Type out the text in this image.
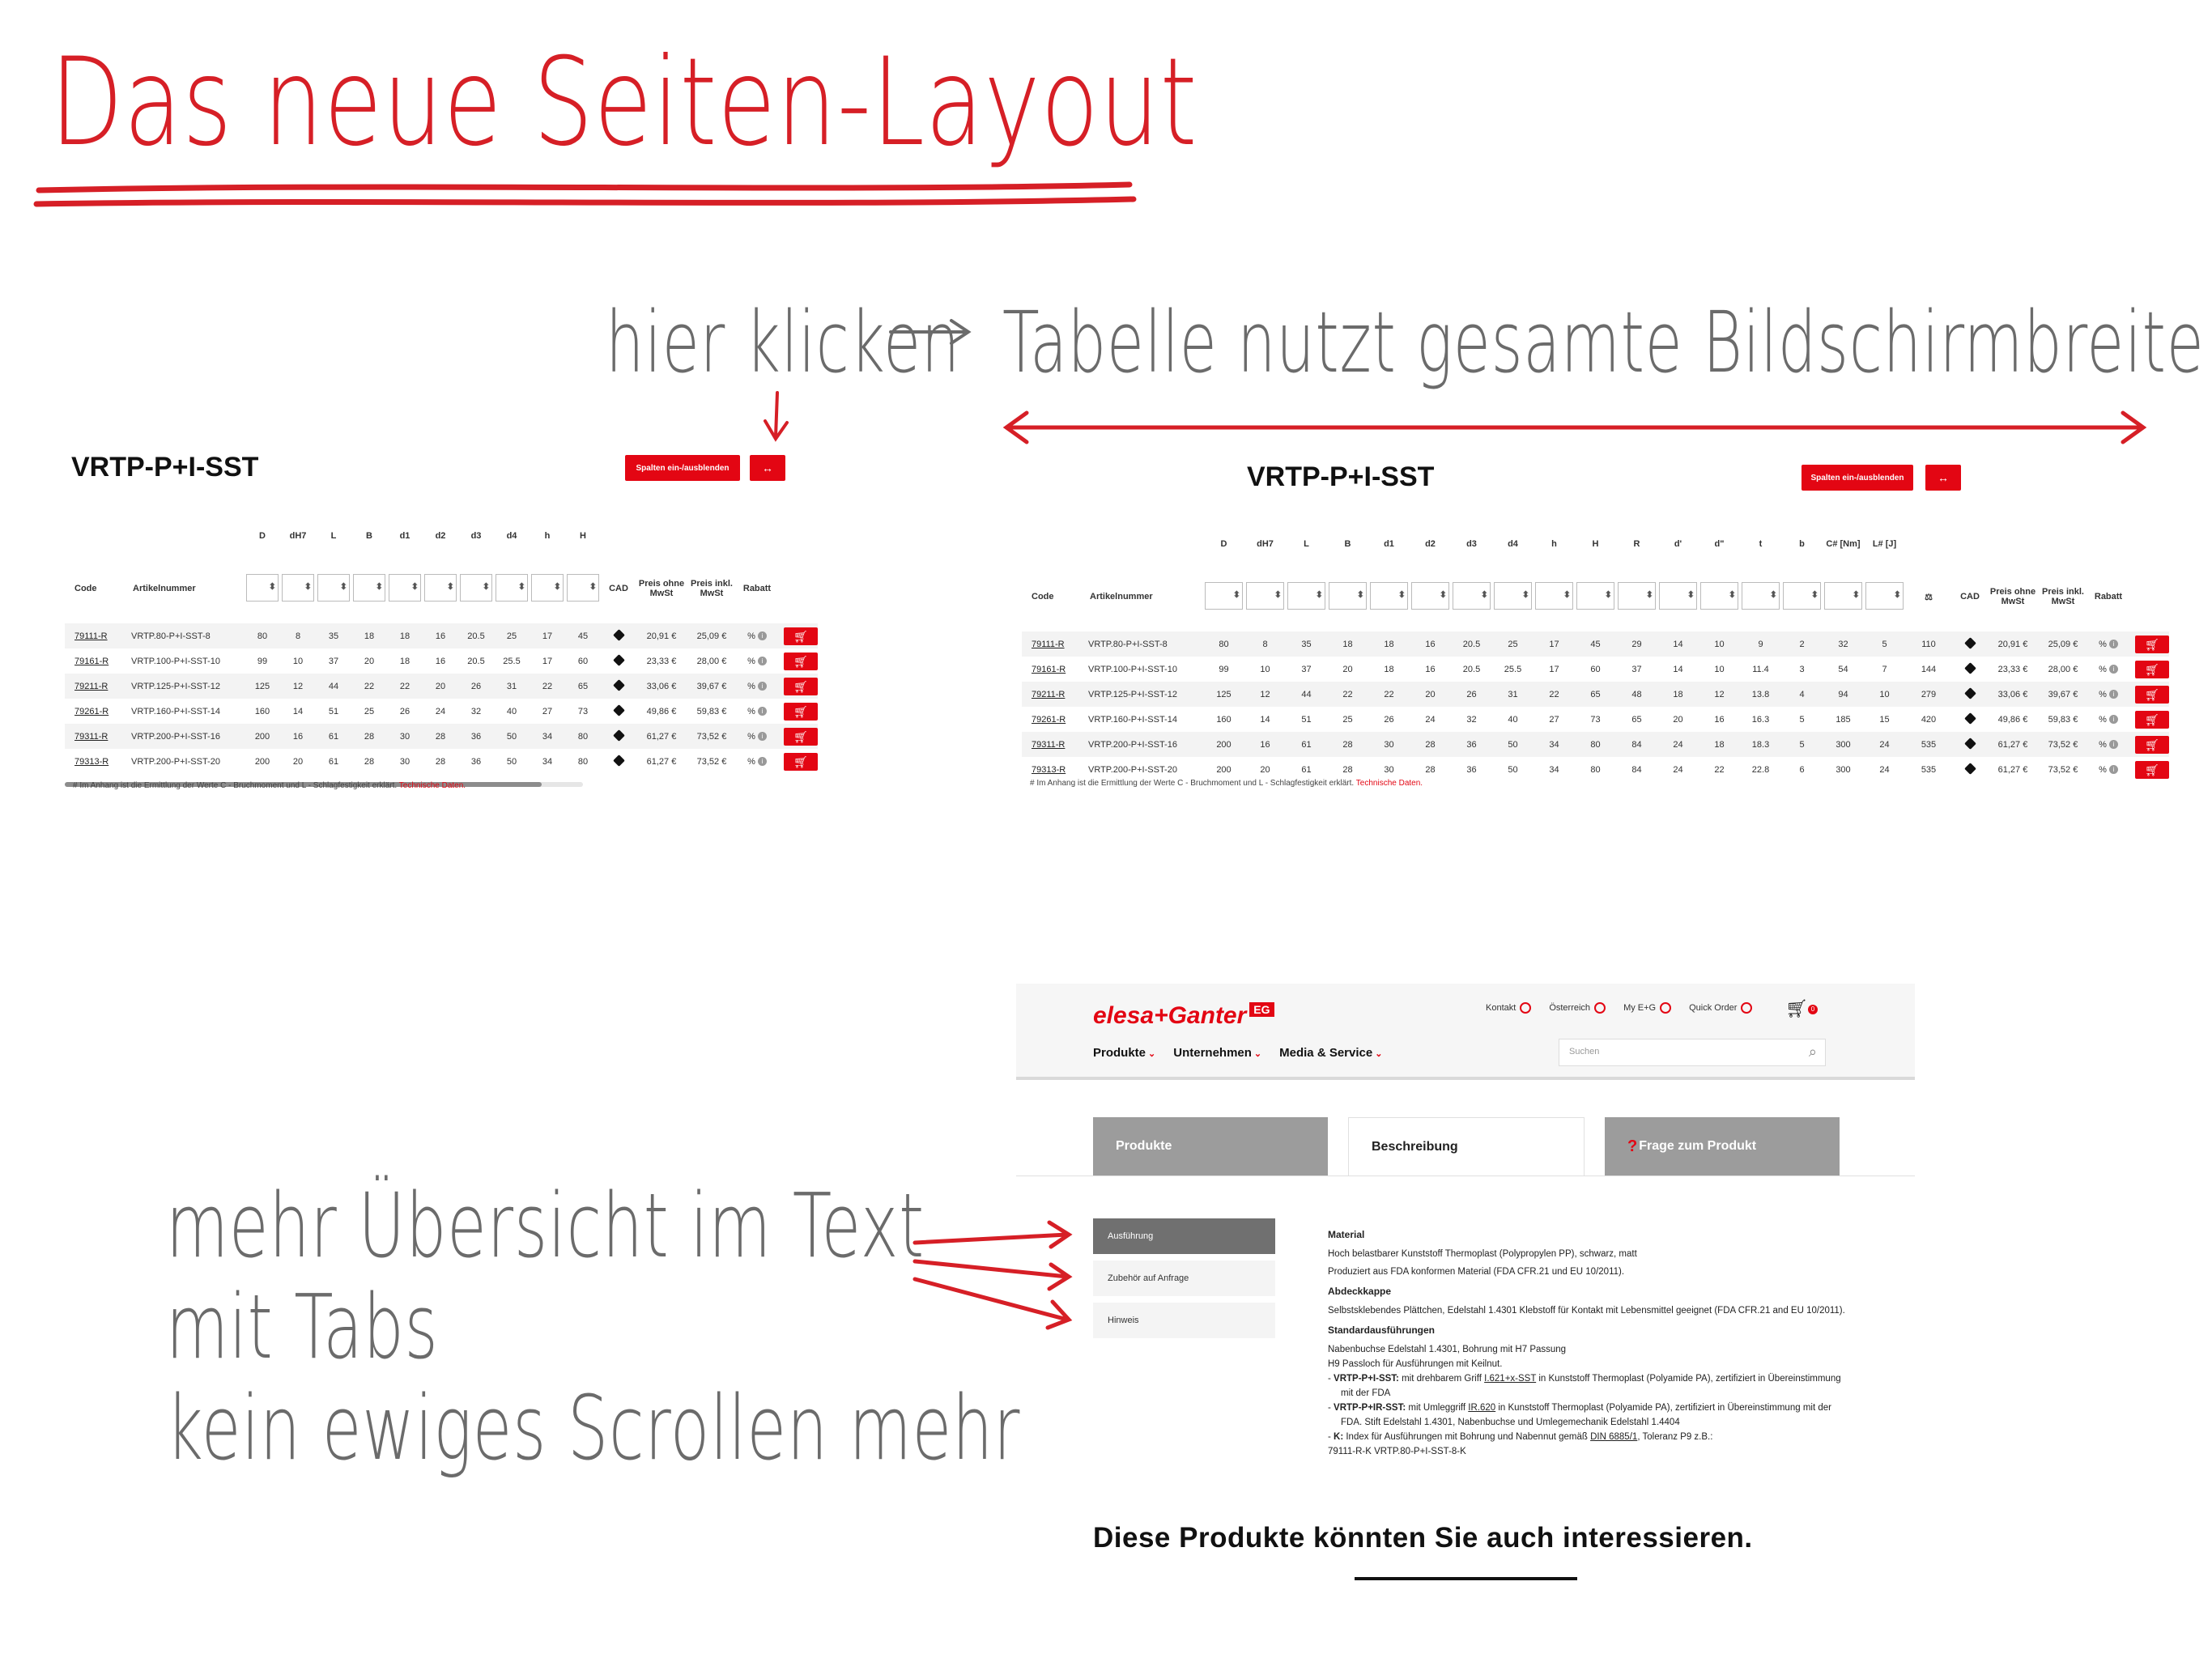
Das neue Seiten-Layout
hier klicken Tabelle nutzt gesamte Bildschirmbreite
mehr Übersicht im Text
mit Tabs
kein ewiges Scrollen mehr
VRTP-P+I-SST	Spalten ein-/ausblenden	↔
		D	dH7	L	B	d1	d2	d3	d4	h	H					
Code	Artikelnummer	⬍	⬍	⬍	⬍	⬍	⬍	⬍	⬍	⬍	⬍	CAD	Preis ohne MwSt	Preis inkl. MwSt	Rabatt	
79111-R	VRTP.80-P+I-SST-8	80	8	35	18	18	16	20.5	25	17	45		20,91 €	25,09 €	% i	🛒︎
79161-R	VRTP.100-P+I-SST-10	99	10	37	20	18	16	20.5	25.5	17	60		23,33 €	28,00 €	% i	🛒︎
79211-R	VRTP.125-P+I-SST-12	125	12	44	22	22	20	26	31	22	65		33,06 €	39,67 €	% i	🛒︎
79261-R	VRTP.160-P+I-SST-14	160	14	51	25	26	24	32	40	27	73		49,86 €	59,83 €	% i	🛒︎
79311-R	VRTP.200-P+I-SST-16	200	16	61	28	30	28	36	50	34	80		61,27 €	73,52 €	% i	🛒︎
79313-R	VRTP.200-P+I-SST-20	200	20	61	28	30	28	36	50	34	80		61,27 €	73,52 €	% i	🛒︎
# Im Anhang ist die Ermittlung der Werte C - Bruchmoment und L - Schlagfestigkeit erklärt. Technische Daten.
VRTP-P+I-SST	Spalten ein-/ausblenden	↔
		D	dH7	L	B	d1	d2	d3	d4	h	H	R	d'	d"	t	b	C# [Nm]	L# [J]						
Code	Artikelnummer	⬍	⬍	⬍	⬍	⬍	⬍	⬍	⬍	⬍	⬍	⬍	⬍	⬍	⬍	⬍	⬍	⬍	⚖	CAD	Preis ohne MwSt	Preis inkl. MwSt	Rabatt	
79111-R	VRTP.80-P+I-SST-8	80	8	35	18	18	16	20.5	25	17	45	29	14	10	9	2	32	5	110		20,91 €	25,09 €	% i	🛒︎
79161-R	VRTP.100-P+I-SST-10	99	10	37	20	18	16	20.5	25.5	17	60	37	14	10	11.4	3	54	7	144		23,33 €	28,00 €	% i	🛒︎
79211-R	VRTP.125-P+I-SST-12	125	12	44	22	22	20	26	31	22	65	48	18	12	13.8	4	94	10	279		33,06 €	39,67 €	% i	🛒︎
79261-R	VRTP.160-P+I-SST-14	160	14	51	25	26	24	32	40	27	73	65	20	16	16.3	5	185	15	420		49,86 €	59,83 €	% i	🛒︎
79311-R	VRTP.200-P+I-SST-16	200	16	61	28	30	28	36	50	34	80	84	24	18	18.3	5	300	24	535		61,27 €	73,52 €	% i	🛒︎
79313-R	VRTP.200-P+I-SST-20	200	20	61	28	30	28	36	50	34	80	84	24	22	22.8	6	300	24	535		61,27 €	73,52 €	% i	🛒︎
# Im Anhang ist die Ermittlung der Werte C - Bruchmoment und L - Schlagfestigkeit erklärt. Technische Daten.
elesa+Ganter EG	Kontakt	Österreich	My E+G	Quick Order	🛒︎ 0
Produkte ⌄ Unternehmen ⌄ Media & Service ⌄	Suchen	⌕
Produkte	Beschreibung	? Frage zum Produkt
Ausführung
Zubehör auf Anfrage
Hinweis
Material

Hoch belastbarer Kunststoff Thermoplast (Polypropylen PP), schwarz, matt

Produziert aus FDA konformen Material (FDA CFR.21 und EU 10/2011).

Abdeckkappe

Selbstsklebendes Plättchen, Edelstahl 1.4301 Klebstoff für Kontakt mit Lebensmittel geeignet (FDA CFR.21 and EU 10/2011).

Standardausführungen

Nabenbuchse Edelstahl 1.4301, Bohrung mit H7 Passung

H9 Passloch für Ausführungen mit Keilnut.

- VRTP-P+I-SST: mit drehbarem Griff I.621+x-SST in Kunststoff Thermoplast (Polyamide PA), zertifiziert in Übereinstimmung mit der FDA
- VRTP-P+IR-SST: mit Umleggriff IR.620 in Kunststoff Thermoplast (Polyamide PA), zertifiziert in Übereinstimmung mit der FDA. Stift Edelstahl 1.4301, Nabenbuchse und Umlegemechanik Edelstahl 1.4404
- K: Index für Ausführungen mit Bohrung und Nabennut gemäß DIN 6885/1, Toleranz P9 z.B.:

79111-R-K VRTP.80-P+I-SST-8-K

Diese Produkte könnten Sie auch interessieren.
